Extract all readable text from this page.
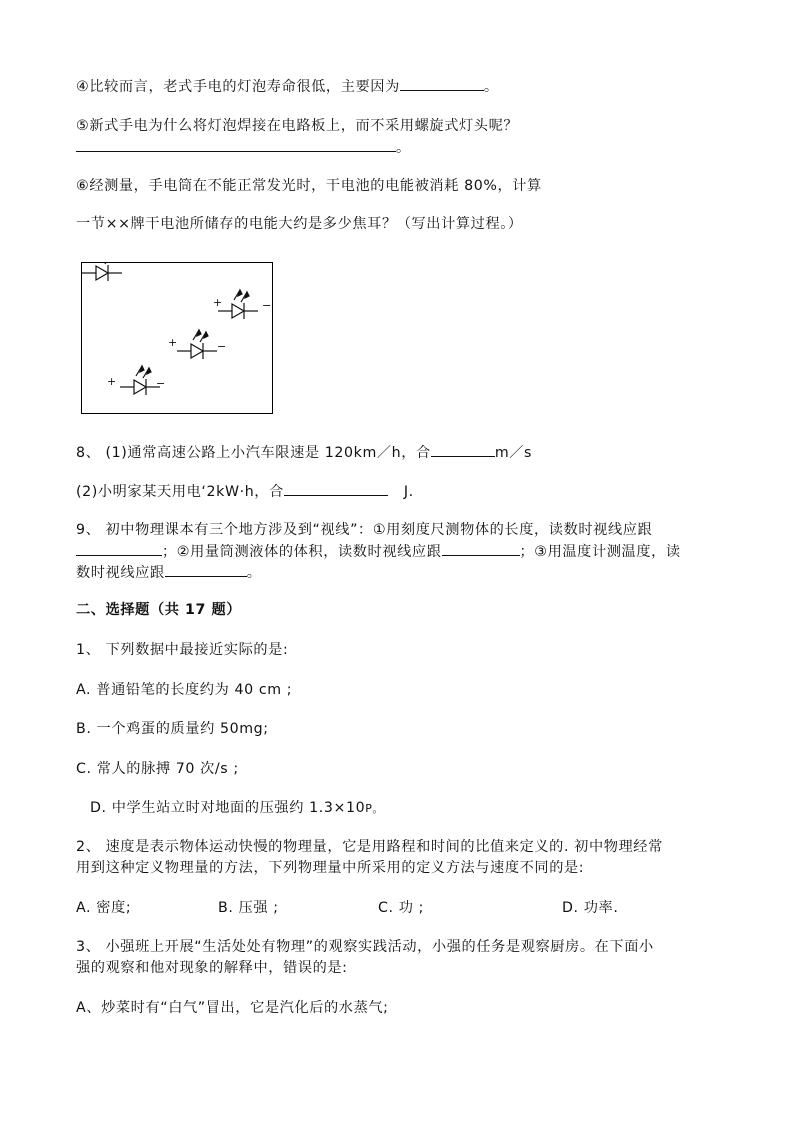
④比较而言，老式手电的灯泡寿命很低，主要因为	。
⑤新式手电为什么将灯泡焊接在电路板上，而不采用螺旋式灯头呢？
。
⑥经测量，手电筒在不能正常发光时，干电池的电能被消耗 80%，计算
一节××牌干电池所储存的电能大约是多少焦耳？（写出计算过程。）
+	−
+	−
+	−
8、 (1)通常高速公路上小汽车限速是 120km／h，合	m／s
(2)小明家某天用电‘2kW·h，合	J.
9、 初中物理课本有三个地方涉及到“视线”：①用刻度尺测物体的长度，读数时视线应跟
；②用量筒测液体的体积，读数时视线应跟	；③用温度计测温度，读
数时视线应跟	。
二、选择题（共 17 题）
1、 下列数据中最接近实际的是:
A. 普通铅笔的长度约为 40 cm ;
B. 一个鸡蛋的质量约 50mg;
C. 常人的脉搏 70 次/s ;
D. 中学生站立时对地面的压强约 1.3×10P。
2、 速度是表示物体运动快慢的物理量，它是用路程和时间的比值来定义的. 初中物理经常
用到这种定义物理量的方法，下列物理量中所采用的定义方法与速度不同的是:
A. 密度;	B. 压强 ;	C. 功 ;	D. 功率.
3、 小强班上开展“生活处处有物理”的观察实践活动，小强的任务是观察厨房。在下面小
强的观察和他对现象的解释中，错误的是:
A、炒菜时有“白气”冒出，它是汽化后的水蒸气;
